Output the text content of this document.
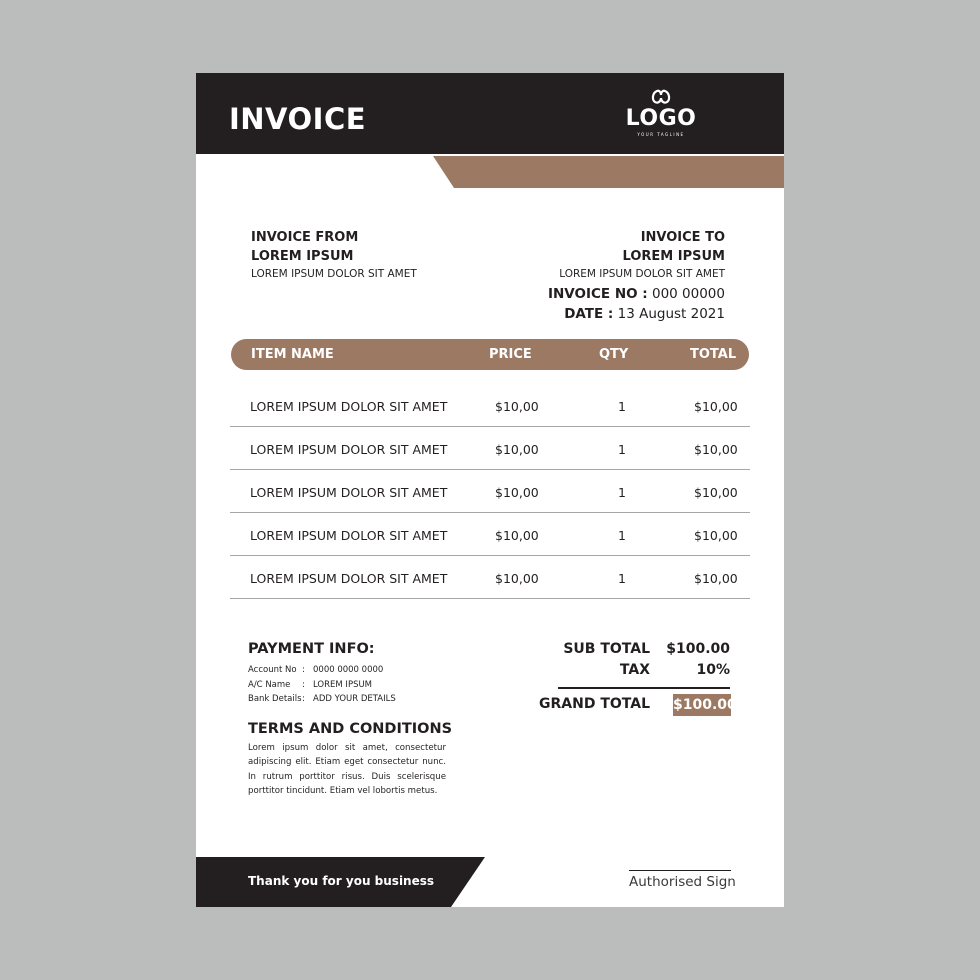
INVOICE	LOGO
YOUR TAGLINE
INVOICE FROM
LOREM IPSUM
LOREM IPSUM DOLOR SIT AMET
INVOICE TO
LOREM IPSUM
LOREM IPSUM DOLOR SIT AMET
INVOICE NO : 000 00000
DATE : 13 August 2021
ITEM NAME	PRICE	QTY	TOTAL
LOREM IPSUM DOLOR SIT AMET	$10,00	1	$10,00
LOREM IPSUM DOLOR SIT AMET	$10,00	1	$10,00
LOREM IPSUM DOLOR SIT AMET	$10,00	1	$10,00
LOREM IPSUM DOLOR SIT AMET	$10,00	1	$10,00
LOREM IPSUM DOLOR SIT AMET	$10,00	1	$10,00
PAYMENT INFO:
Account No : 0000 0000 0000
A/C Name : LOREM IPSUM
Bank Details: ADD YOUR DETAILS
TERMS AND CONDITIONS
Lorem ipsum dolor sit amet, consectetur adipiscing elit. Etiam eget consectetur nunc. In rutrum porttitor risus. Duis scelerisque porttitor tincidunt. Etiam vel lobortis metus.
SUB TOTAL $100.00
TAX	10%
GRAND TOTAL $100.00
Thank you for you business	Authorised Sign
